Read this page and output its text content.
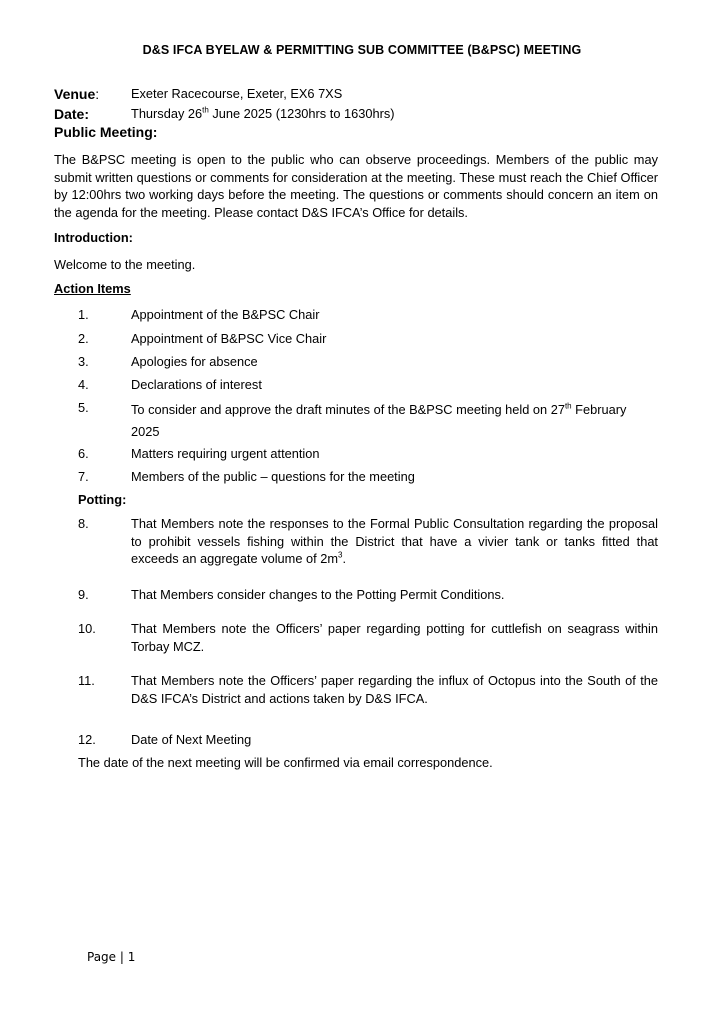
D&S IFCA BYELAW & PERMITTING SUB COMMITTEE (B&PSC) MEETING
Venue: Exeter Racecourse, Exeter, EX6 7XS
Date:	Thursday 26th June 2025 (1230hrs to 1630hrs)
Public Meeting:

The B&PSC meeting is open to the public who can observe proceedings. Members of the public may submit written questions or comments for consideration at the meeting. These must reach the Chief Officer by 12:00hrs two working days before the meeting. The questions or comments should concern an item on the agenda for the meeting. Please contact D&S IFCA’s Office for details.

Introduction:
Welcome to the meeting.
Action Items
1.	Appointment of the B&PSC Chair
2.	Appointment of B&PSC Vice Chair
3.	Apologies for absence
4.	Declarations of interest
5.	To consider and approve the draft minutes of the B&PSC meeting held on 27th February 2025
6.	Matters requiring urgent attention
7.	Members of the public – questions for the meeting
Potting:
8.	That Members note the responses to the Formal Public Consultation regarding the proposal to prohibit vessels fishing within the District that have a vivier tank or tanks fitted that exceeds an aggregate volume of $2m^3$.
9.	That Members consider changes to the Potting Permit Conditions.
10.	That Members note the Officers’ paper regarding potting for cuttlefish on seagrass within Torbay MCZ.
11.	That Members note the Officers’ paper regarding the influx of Octopus into the South of the D&S IFCA’s District and actions taken by D&S IFCA.
12.	Date of Next Meeting
The date of the next meeting will be confirmed via email correspondence.
Page | 1
